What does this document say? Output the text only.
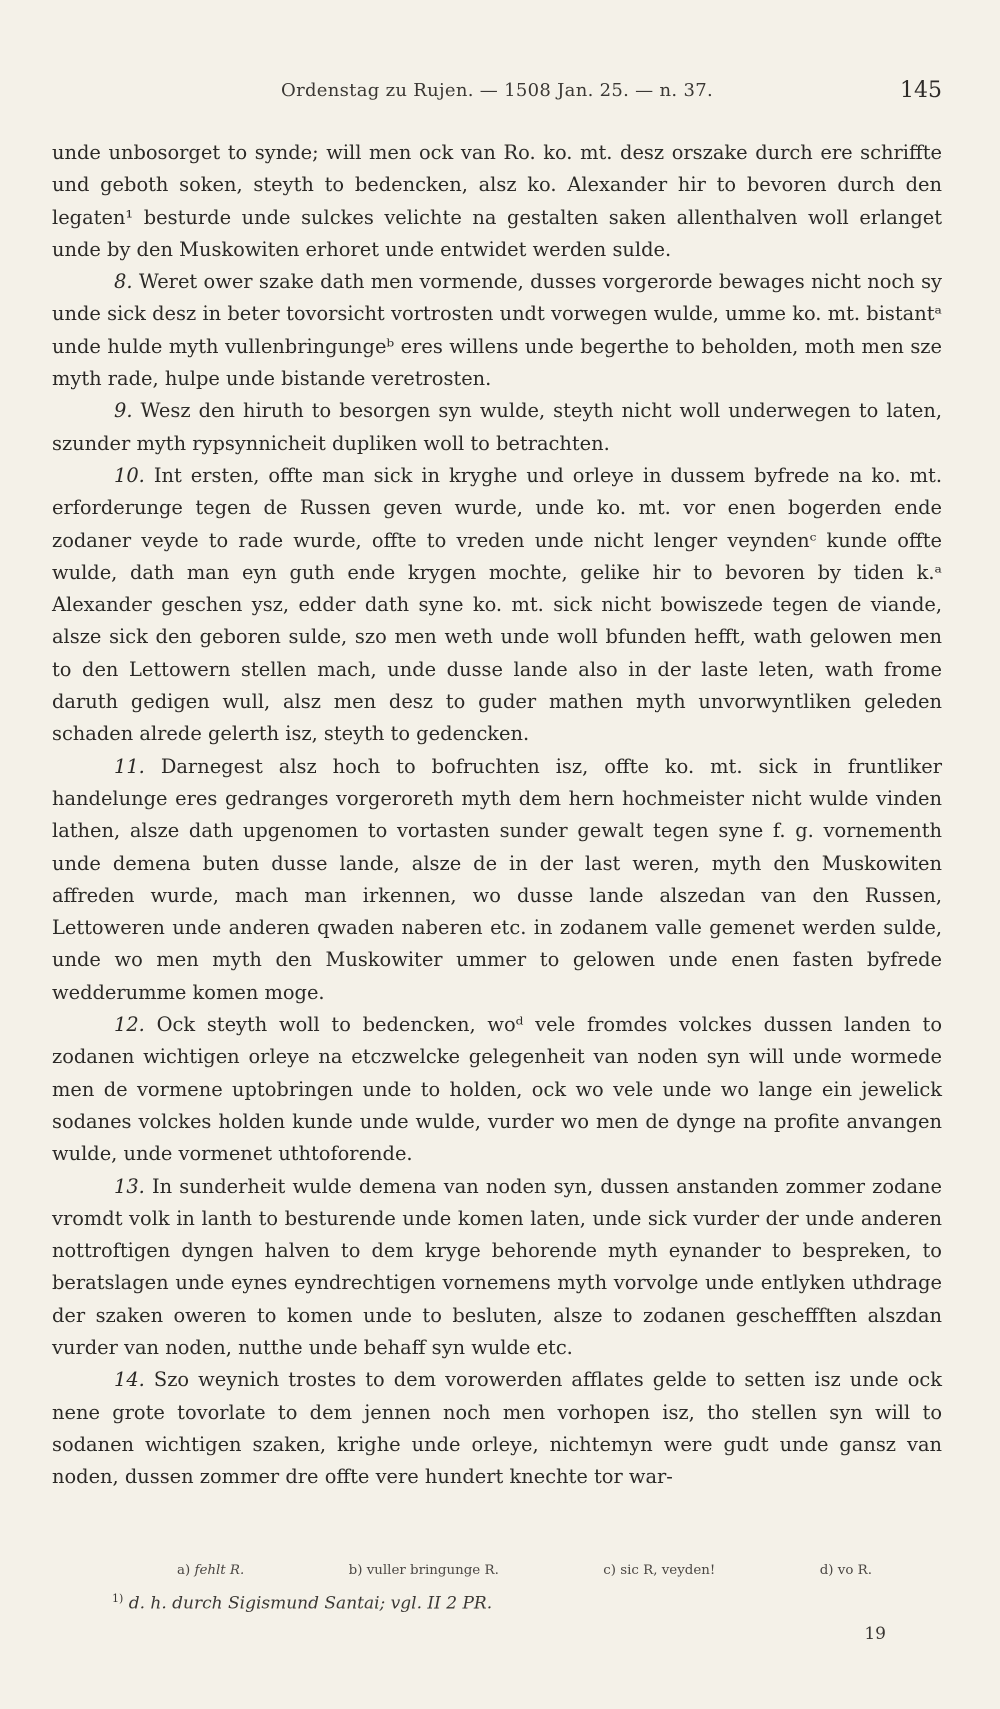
Ordenstag zu Rujen. — 1508 Jan. 25. — n. 37.	145

unde unbosorget to synde; will men ock van Ro. ko. mt. desz orszake durch ere schriffte und geboth soken, steyth to bedencken, alsz ko. Alexander hir to bevoren durch den legaten¹ besturde unde sulckes velichte na gestalten saken allenthalven woll erlanget unde by den Muskowiten erhoret unde entwidet werden sulde.

8. Weret ower szake dath men vormende, dusses vorgerorde bewages nicht noch sy unde sick desz in beter tovorsicht vortrosten undt vorwegen wulde, umme ko. mt. bistantᵃ unde hulde myth vullenbringungeᵇ eres willens unde begerthe to beholden, moth men sze myth rade, hulpe unde bistande veretrosten.

9. Wesz den hiruth to besorgen syn wulde, steyth nicht woll underwegen to laten, szunder myth rypsynnicheit dupliken woll to betrachten.

10. Int ersten, offte man sick in kryghe und orleye in dussem byfrede na ko. mt. erforderunge tegen de Russen geven wurde, unde ko. mt. vor enen bogerden ende zodaner veyde to rade wurde, offte to vreden unde nicht lenger veyndenᶜ kunde offte wulde, dath man eyn guth ende krygen mochte, gelike hir to bevoren by tiden k.ᵃ Alexander geschen ysz, edder dath syne ko. mt. sick nicht bowiszede tegen de viande, alsze sick den geboren sulde, szo men weth unde woll bfunden hefft, wath gelowen men to den Lettowern stellen mach, unde dusse lande also in der laste leten, wath frome daruth gedigen wull, alsz men desz to guder mathen myth unvorwyntliken geleden schaden alrede gelerth isz, steyth to gedencken.

11. Darnegest alsz hoch to bofruchten isz, offte ko. mt. sick in fruntliker handelunge eres gedranges vorgeroreth myth dem hern hochmeister nicht wulde vinden lathen, alsze dath upgenomen to vortasten sunder gewalt tegen syne f. g. vornementh unde demena buten dusse lande, alsze de in der last weren, myth den Muskowiten affreden wurde, mach man irkennen, wo dusse lande alszedan van den Russen, Lettoweren unde anderen qwaden naberen etc. in zodanem valle gemenet werden sulde, unde wo men myth den Muskowiter ummer to gelowen unde enen fasten byfrede wedderumme komen moge.

12. Ock steyth woll to bedencken, woᵈ vele fromdes volckes dussen landen to zodanen wichtigen orleye na etczwelcke gelegenheit van noden syn will unde wormede men de vormene uptobringen unde to holden, ock wo vele unde wo lange ein jewelick sodanes volckes holden kunde unde wulde, vurder wo men de dynge na profite anvangen wulde, unde vormenet uthtoforende.

13. In sunderheit wulde demena van noden syn, dussen anstanden zommer zodane vromdt volk in lanth to besturende unde komen laten, unde sick vurder der unde anderen nottroftigen dyngen halven to dem kryge behorende myth eynander to bespreken, to beratslagen unde eynes eyndrechtigen vornemens myth vorvolge unde entlyken uthdrage der szaken oweren to komen unde to besluten, alsze to zodanen gescheffften alszdan vurder van noden, nutthe unde behaff syn wulde etc.

14. Szo weynich trostes to dem vorowerden afflates gelde to setten isz unde ock nene grote tovorlate to dem jennen noch men vorhopen isz, tho stellen syn will to sodanen wichtigen szaken, krighe unde orleye, nichtemyn were gudt unde gansz van noden, dussen zommer dre offte vere hundert knechte tor war-

a) fehlt R.	b) vuller bringunge R.	c) sic R, veyden!	d) vo R.
$^{1)}$ d. h. durch Sigismund Santai; vgl. II 2 PR.
19
